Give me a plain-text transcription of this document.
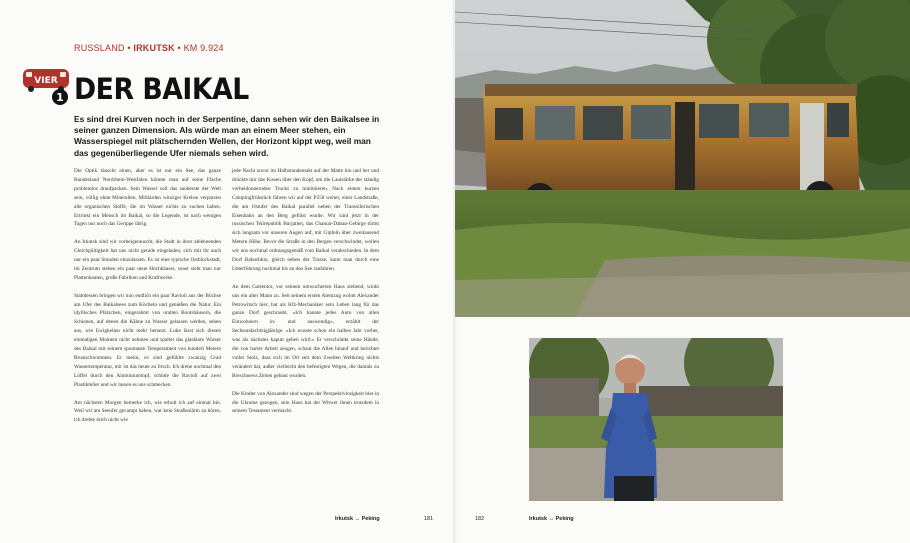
RUSSLAND • IRKUTSK • KM 9.924
VIER
1 DER BAIKAL
Es sind drei Kurven noch in der Serpentine, dann sehen wir den Baikalsee in seiner ganzen Dimension. Als würde man an einem Meer stehen, ein Wasserspiegel mit plätschernden Wellen, der Horizont kippt weg, weil man das gegenüberliegende Ufer niemals sehen wird.

Die Optik täuscht einen, aber es ist nur ein See, das ganze Bundesland Nordrhein-Westfalen könnte man auf seine Fläche problemlos draufpacken. Sein Wasser soll das sauberste der Welt sein, völlig ohne Mineralien, Milliarden winziger Krebse verputzen alle organischen Stoffe, die im Wasser nichts zu suchen haben. Ertrinkt ein Mensch im Baikal, so die Legende, ist nach wenigen Tagen nur noch das Gerippe übrig.

An Irkutsk sind wir vorbeigerauscht, die Stadt in ihrer ablehnenden Gleichgültigkeit hat uns nicht gerade eingeladen, sich mit ihr auch nur ein paar Stunden einzulassen. Es ist eine typische Ostblockstadt, im Zentrum stehen ein paar neue Hochhäuser, sonst sieht man nur Plattenbauten, große Fabriken und Kraftwerke.

Stattdessen bringen wir nun endlich ein paar Ravioli aus der Büchse am Ufer des Baikalsees zum Köcheln und genießen die Natur. Ein idyllisches Plätzchen, eingerahmt von uralten Bootshäusern, die Schienen, auf denen die Kähne zu Wasser gelassen werden, sehen aus, wie Ewigkeiten nicht mehr benutzt. Luke lässt sich diesen einmaligen Moment nicht nehmen und spaltet das glasklare Wasser des Baikal mit seinem spontanen Temperament von hundert Metern Brustschwimmen. Er meint, es sind gefühlte zwanzig Grad Wassertemperatur, mir ist das heute zu frisch. Ich drehe nochmal den Löffel durch den Aluminiumtopf, schütte die Ravioli auf zwei Plastikteller und wir lassen es uns schmecken.

Am nächsten Morgen bemerke ich, wie erholt ich auf einmal bin. Weil wir am Seeufer gecampt haben, war kein Straßenlärm zu hören, ich drehte mich nicht wie

jede Nacht zuvor im Halbstundentakt auf der Matte hin und her und drückte mir das Kissen über den Kopf, um die Lautstärke der ständig vorbeidonnernden Trucks zu minimieren. Nach einem kurzen Campingfrühstück fahren wir auf der P258 weiter, einer Landstraße, die am Ostufer des Baikal parallel neben der Transsibirischen Eisenbahn an den Berg gefräst wurde. Wir sind jetzt in der russischen Teilrepublik Burjatien, das Chamar-Daban-Gebirge türmt sich langsam vor unseren Augen auf, mit Gipfeln über zweitausend Metern Höhe. Bevor die Straße in den Bergen verschwindet, wollen wir uns nochmal ordnungsgemäß vom Baikal verabschieden. In dem Dorf Babushkin, gleich neben der Trasse, kann man durch eine Unterführung nochmal bis an den See ranfahren.

An dem Gartentor, vor seinem umwucherten Haus stehend, winkt uns ein alter Mann zu. Seit seinem ersten Atemzug wohnt Alexander Petrowitsch hier, hat als Kfz-Mechaniker sein Leben lang für das ganze Dorf geschraubt. »Ich kannte jedes Auto von allen Einwohnern in- und auswendig«, erzählt der Sechsundachtzigjährige. »Ich wusste schon ein halbes Jahr vorher, was als nächstes kaputt gehen wird.« Er verschränkt seine Hände, die von harter Arbeit zeugen, schaut die Allee hinauf und berichtet voller Stolz, dass sich im Ort seit dem Zweiten Weltkrieg nichts verändert hat, außer vielleicht den befestigten Wegen, die damals zu Breschnews Zeiten gebaut wurden.

Die Kinder von Alexander sind wegen der Perspektivlosigkeit hier in die Ukraine gezogen, sein Haus hat der Witwer ihnen trotzdem in seinem Testament vermacht.

Irkutsk ↔ Peking	181	182	Irkutsk ↔ Peking
